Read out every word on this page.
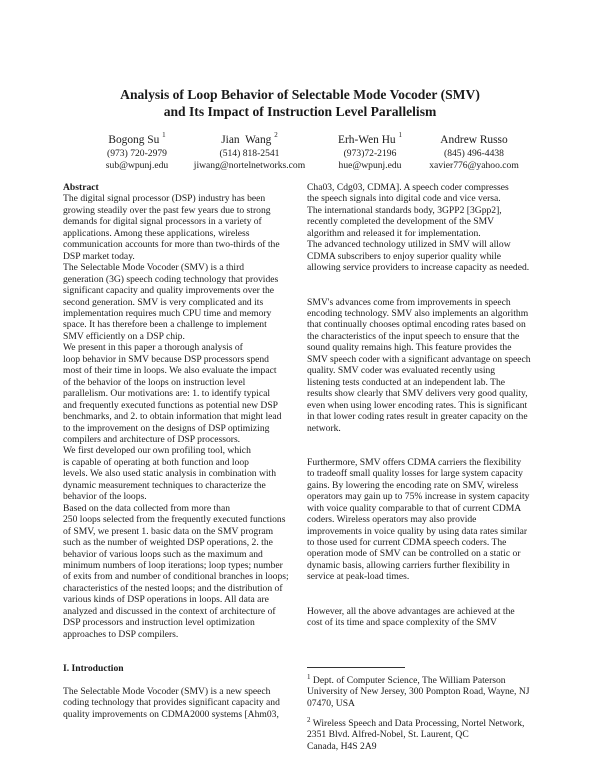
Analysis of Loop Behavior of Selectable Mode Vocoder (SMV)
and Its Impact of Instruction Level Parallelism
Bogong Su $^1$
(973) 720-2979
sub@wpunj.edu
Jian  Wang $^2$
(514) 818-2541
jiwang@nortelnetworks.com
Erh-Wen Hu $^1$
(973)72-2196
hue@wpunj.edu
Andrew Russo
(845) 496-4438
xavier776@yahoo.com
Abstract

The digital signal processor (DSP) industry has been
growing steadily over the past few years due to strong
demands for digital signal processors in a variety of
applications. Among these applications, wireless
communication accounts for more than two-thirds of the
DSP market today.

The Selectable Mode Vocoder (SMV) is a third
generation (3G) speech coding technology that provides
significant capacity and quality improvements over the
second generation. SMV is very complicated and its
implementation requires much CPU time and memory
space. It has therefore been a challenge to implement
SMV efficiently on a DSP chip.

We present in this paper a thorough analysis of
loop behavior in SMV because DSP processors spend
most of their time in loops. We also evaluate the impact
of the behavior of the loops on instruction level
parallelism. Our motivations are: 1. to identify typical
and frequently executed functions as potential new DSP
benchmarks, and 2. to obtain information that might lead
to the improvement on the designs of DSP optimizing
compilers and architecture of DSP processors.

We first developed our own profiling tool, which
is capable of operating at both function and loop
levels. We also used static analysis in combination with
dynamic measurement techniques to characterize the
behavior of the loops.

Based on the data collected from more than
250 loops selected from the frequently executed functions
of SMV, we present 1. basic data on the SMV program
such as the number of weighted DSP operations, 2. the
behavior of various loops such as the maximum and
minimum numbers of loop iterations; loop types; number
of exits from and number of conditional branches in loops;
characteristics of the nested loops; and the distribution of
various kinds of DSP operations in loops. All data are
analyzed and discussed in the context of architecture of
DSP processors and instruction level optimization
approaches to DSP compilers.

I. Introduction

The Selectable Mode Vocoder (SMV) is a new speech
coding technology that provides significant capacity and
quality improvements on CDMA2000 systems [Ahm03,

Cha03, Cdg03, CDMA]. A speech coder compresses
the speech signals into digital code and vice versa.
The international standards body, 3GPP2 [3Gpp2],
recently completed the development of the SMV
algorithm and released it for implementation.
The advanced technology utilized in SMV will allow
CDMA subscribers to enjoy superior quality while
allowing service providers to increase capacity as needed.

SMV's advances come from improvements in speech
encoding technology. SMV also implements an algorithm
that continually chooses optimal encoding rates based on
the characteristics of the input speech to ensure that the
sound quality remains high. This feature provides the
SMV speech coder with a significant advantage on speech
quality. SMV coder was evaluated recently using
listening tests conducted at an independent lab. The
results show clearly that SMV delivers very good quality,
even when using lower encoding rates. This is significant
in that lower coding rates result in greater capacity on the
network.

Furthermore, SMV offers CDMA carriers the flexibility
to tradeoff small quality losses for large system capacity
gains. By lowering the encoding rate on SMV, wireless
operators may gain up to 75% increase in system capacity
with voice quality comparable to that of current CDMA
coders. Wireless operators may also provide
improvements in voice quality by using data rates similar
to those used for current CDMA speech coders. The
operation mode of SMV can be controlled on a static or
dynamic basis, allowing carriers further flexibility in
service at peak-load times.

However, all the above advantages are achieved at the
cost of its time and space complexity of the SMV

$^1$ Dept. of Computer Science, The William Paterson
University of New Jersey, 300 Pompton Road, Wayne, NJ
07470, USA
$^2$ Wireless Speech and Data Processing, Nortel Network,
2351 Blvd. Alfred-Nobel, St. Laurent, QC
Canada, H4S 2A9
